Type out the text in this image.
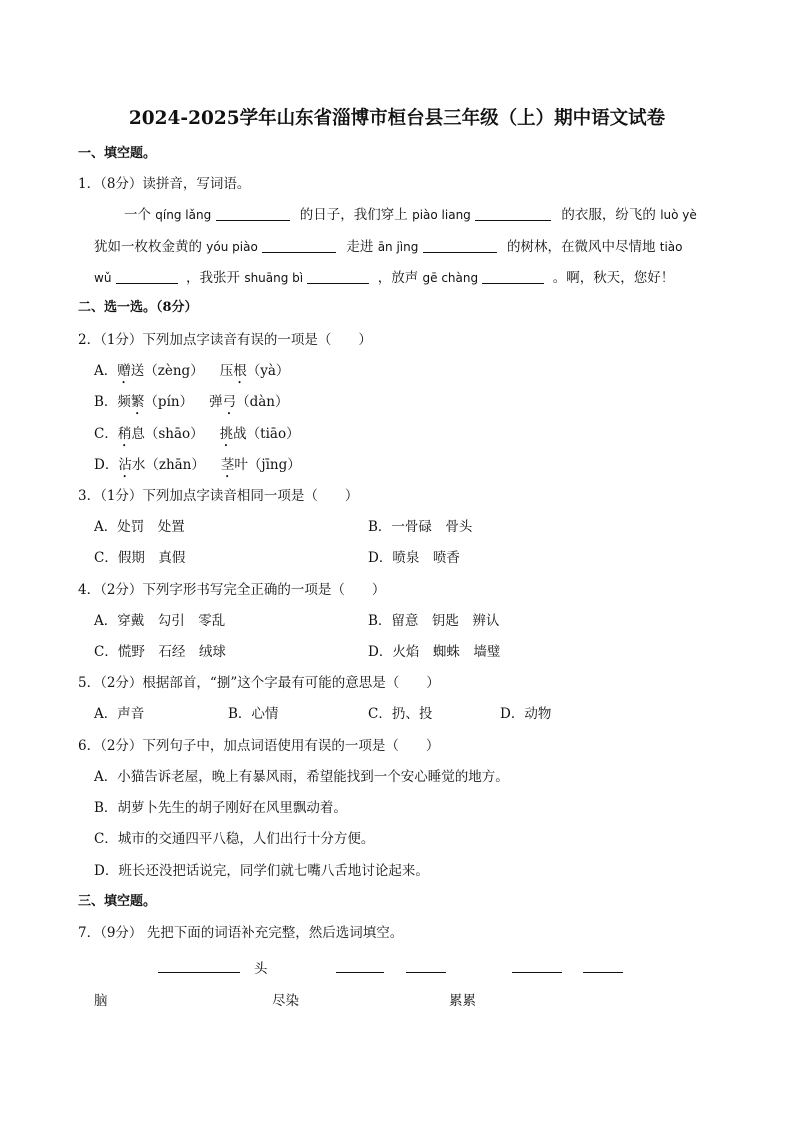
2024-2025学年山东省淄博市桓台县三年级（上）期中语文试卷
一、填空题。
1．（8分）读拼音，写词语。
一个 qíng lǎng	的日子，我们穿上 piào liang	的衣服，纷飞的 luò yè
犹如一枚枚金黄的 yóu piào	走进 ān jìng	的树林，在微风中尽情地 tiào
wǔ	，我张开 shuāng bì	，放声 gē chàng	。啊，秋天，您好！
二、选一选。（8分）
2．（1分）下列加点字读音有误的一项是（　　）
A．赠送（zèng） 压根（yà）
B．频繁（pín） 弹弓（dàn）
C．稍息（shāo） 挑战（tiāo）
D．沾水（zhān） 茎叶（jīng）
3．（1分）下列加点字读音相同一项是（　　）
A．处罚　处置	B．一骨碌　骨头
C．假期　真假	D．喷泉　喷香
4．（2分）下列字形书写完全正确的一项是（　　）
A．穿戴　勾引　零乱	B．留意　钥匙　辨认
C．慌野　石经　绒球	D．火焰　蜘蛛　墙璧
5．（2分）根据部首，“捌”这个字最有可能的意思是（　　）
A．声音	B．心情	C．扔、投	D．动物
6．（2分）下列句子中，加点词语使用有误的一项是（　　）
A．小猫告诉老屋，晚上有暴风雨，希望能找到一个安心睡觉的地方。
B．胡萝卜先生的胡子刚好在风里飘动着。
C．城市的交通四平八稳，人们出行十分方便。
D．班长还没把话说完，同学们就七嘴八舌地讨论起来。
三、填空题。
7．（9分） 先把下面的词语补充完整，然后选词填空。
头
脑	尽染	累累
